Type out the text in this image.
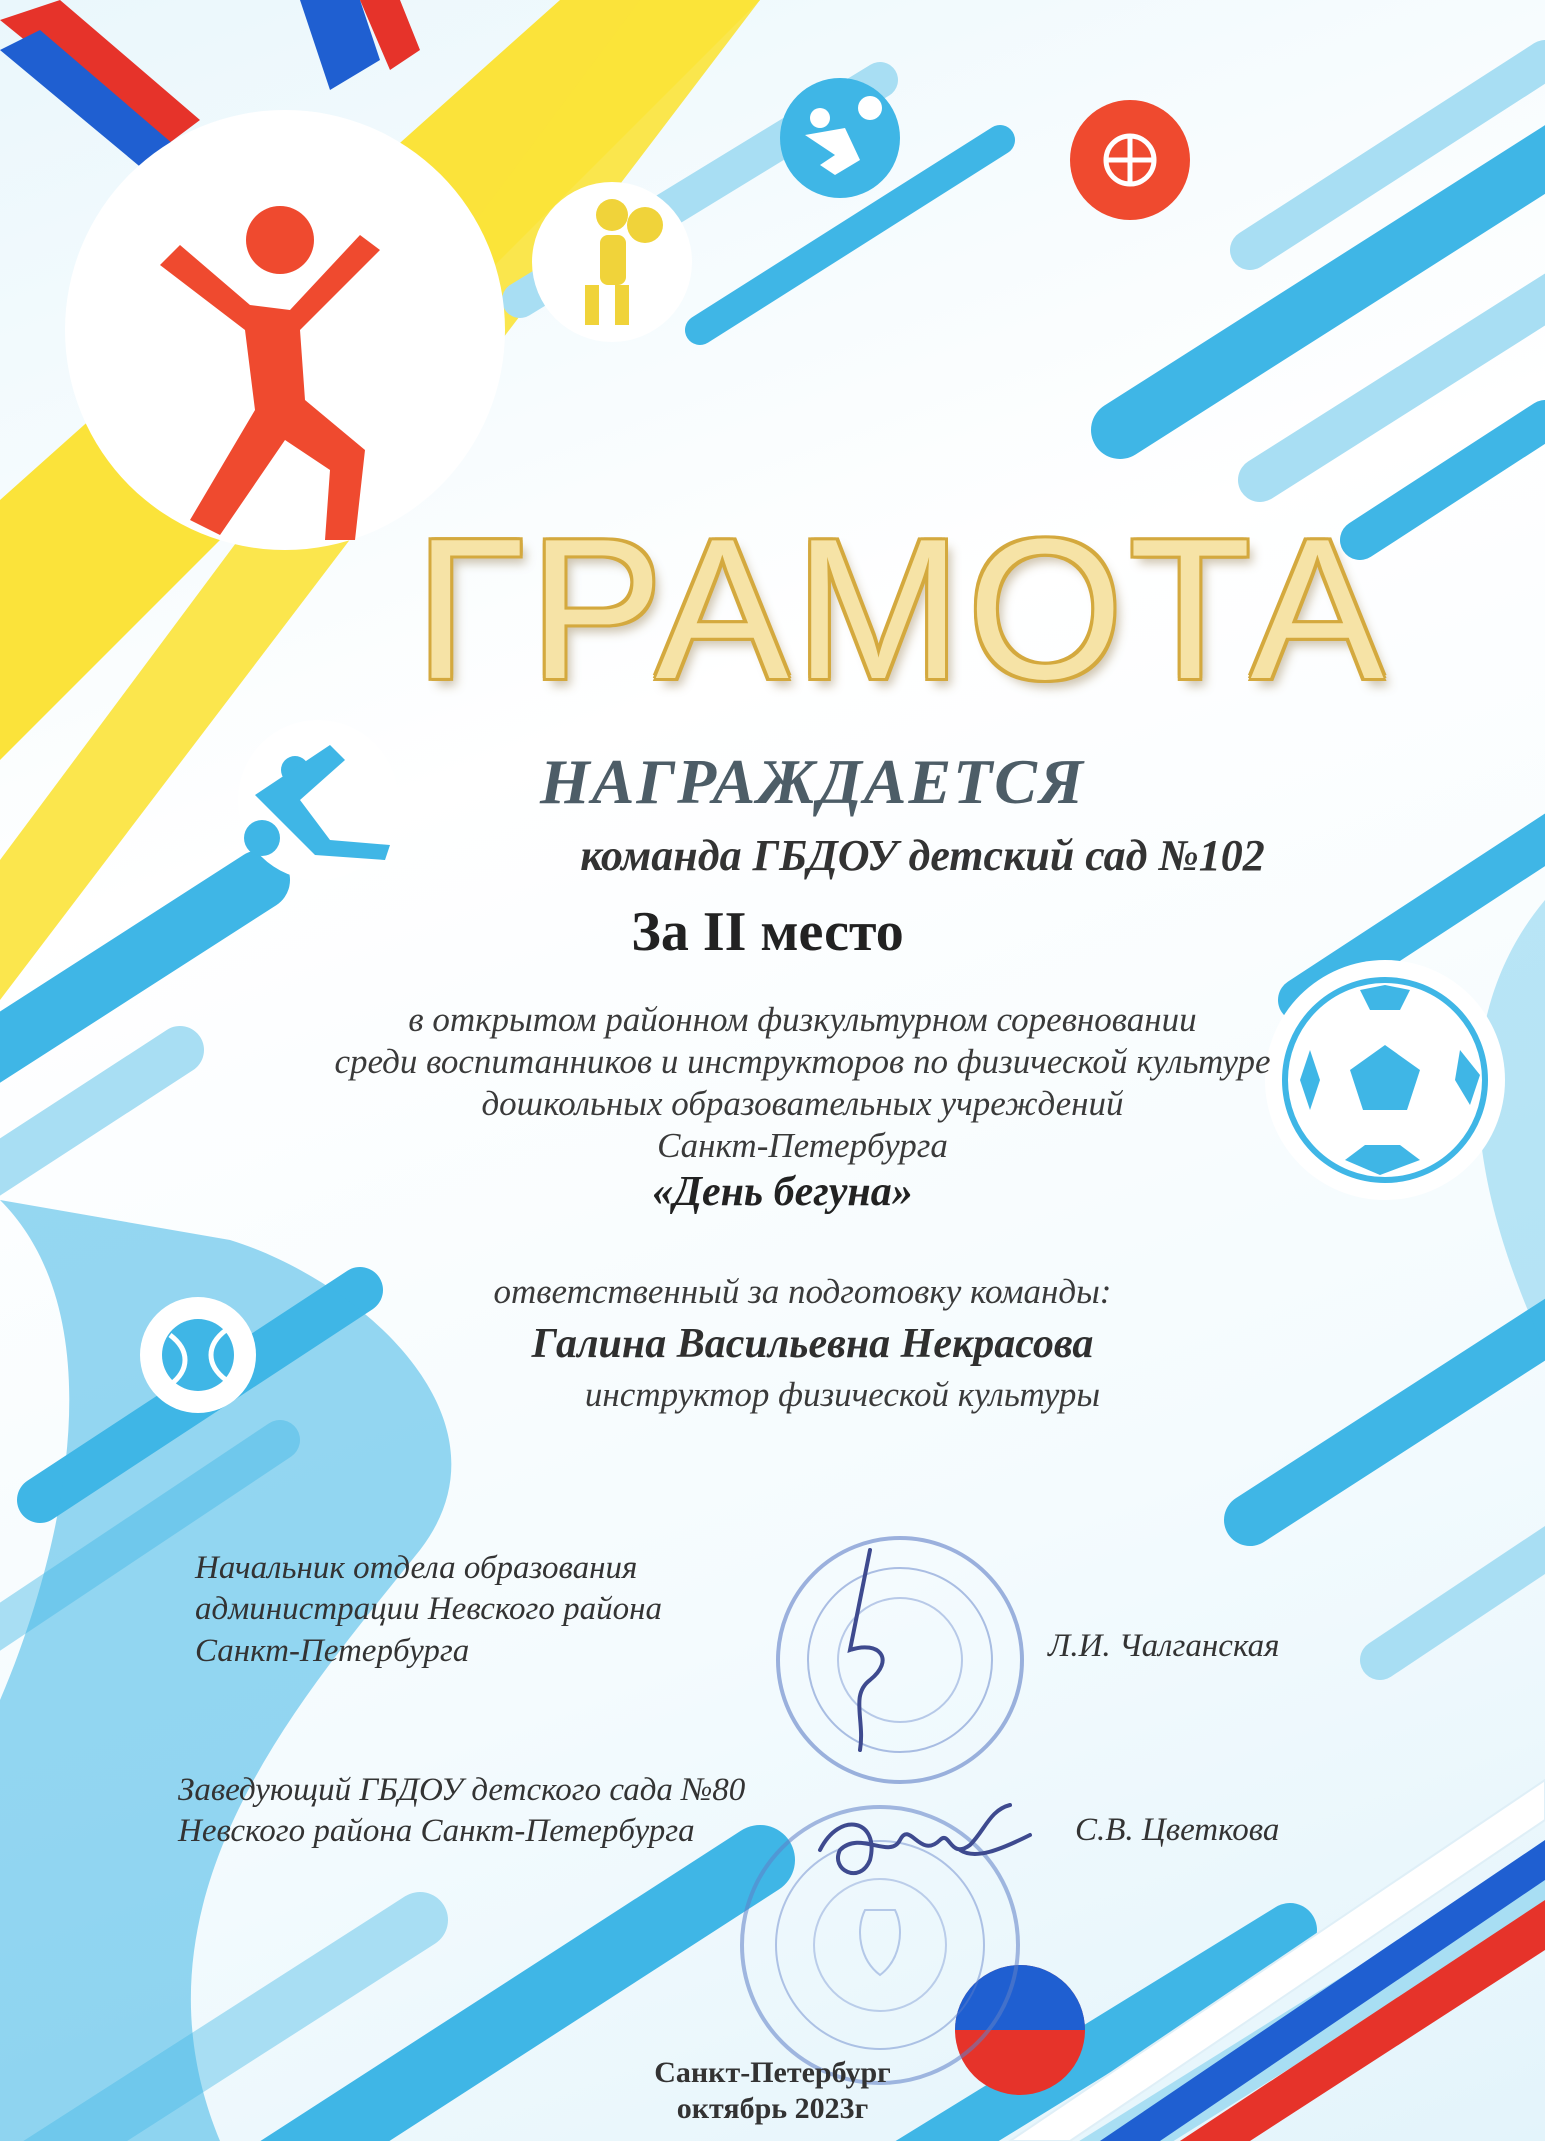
ГРАМОТА
НАГРАЖДАЕТСЯ
команда ГБДОУ детский сад №102
За II место
в открытом районном физкультурном соревновании
среди воспитанников и инструкторов по физической культуре
дошкольных образовательных учреждений
Санкт-Петербурга
«День бегуна»
ответственный за подготовку команды:
Галина Васильевна Некрасова
инструктор физической культуры
Начальник отдела образования
администрации Невского района
Санкт-Петербурга	Л.И. Чалганская
Заведующий ГБДОУ детского сада №80
Невского района Санкт-Петербурга	С.В. Цветкова
Санкт-Петербург
октябрь 2023г
